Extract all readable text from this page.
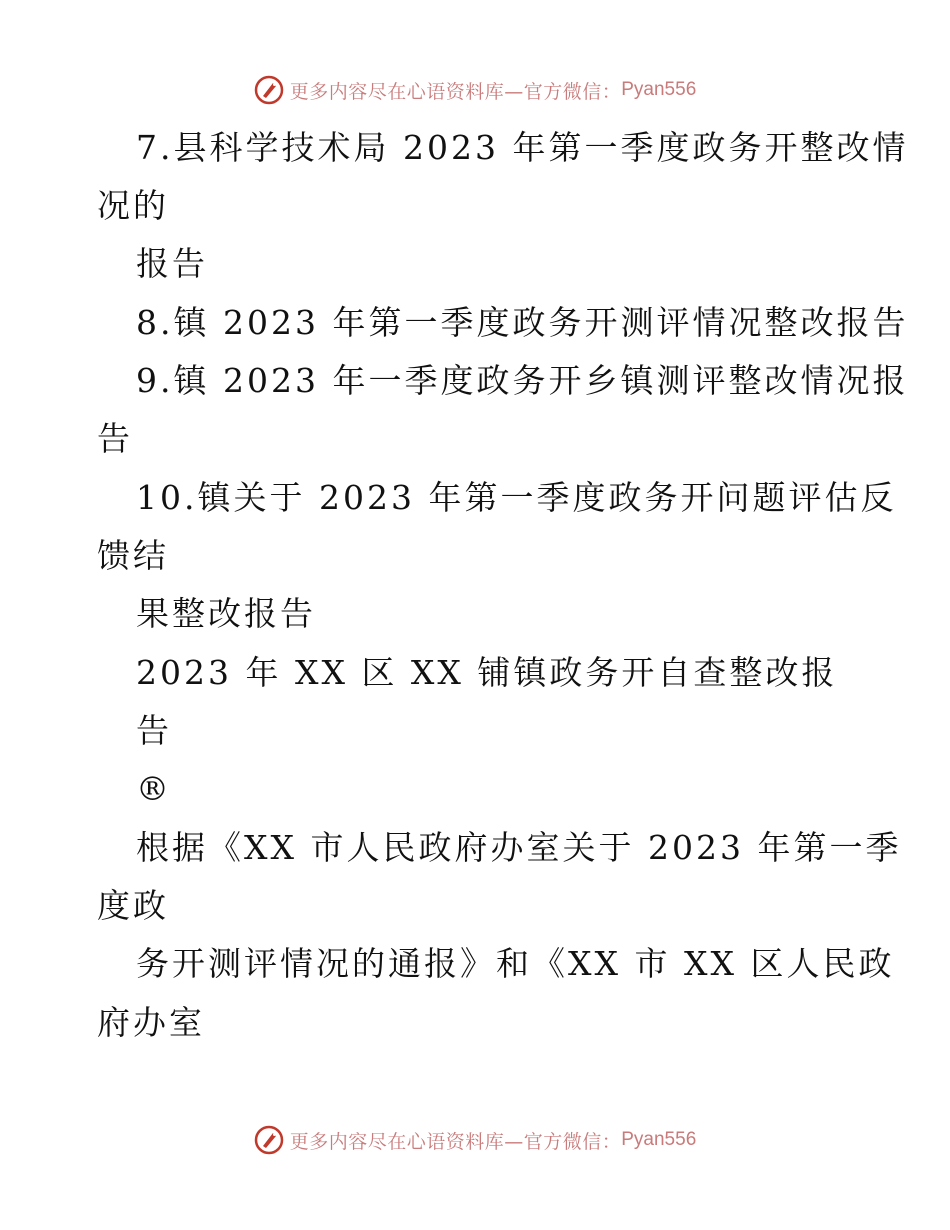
更多内容尽在心语资料库—官方微信： Pyan556
7.县科学技术局 2023 年第一季度政务开整改情
况的
报告
8.镇 2023 年第一季度政务开测评情况整改报告
9.镇 2023 年一季度政务开乡镇测评整改情况报
告
10.镇关于 2023 年第一季度政务开问题评估反
馈结
果整改报告
2023 年 XX 区 XX 铺镇政务开自查整改报
告
®
根据《XX 市人民政府办室关于 2023 年第一季
度政
务开测评情况的通报》和《XX 市 XX 区人民政
府办室
更多内容尽在心语资料库—官方微信： Pyan556
